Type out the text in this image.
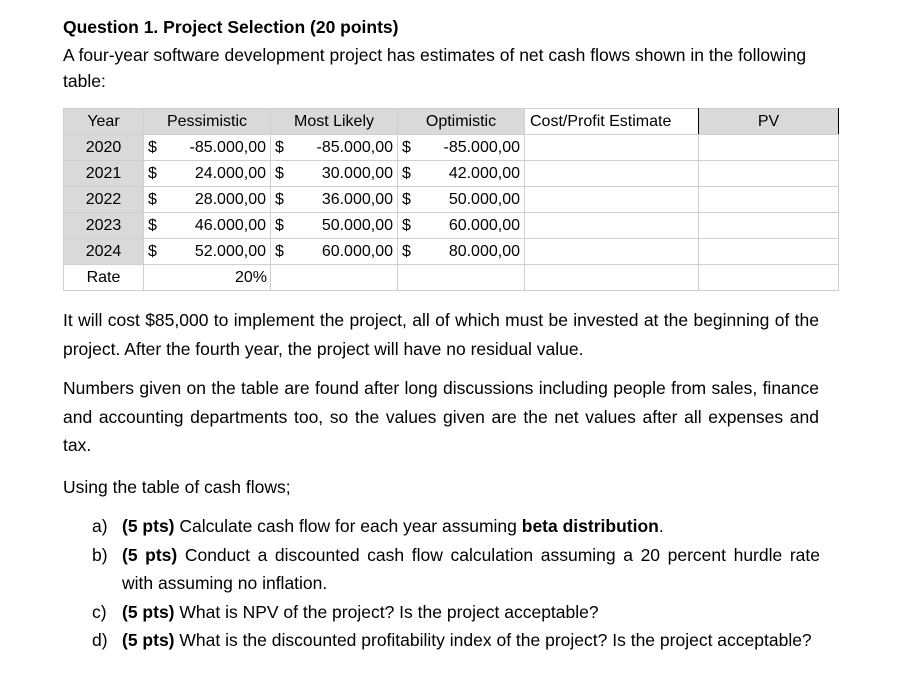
Question 1. Project Selection (20 points)
A four-year software development project has estimates of net cash flows shown in the following table:
Year	Pessimistic	Most Likely	Optimistic	Cost/Profit Estimate	PV
2020	$ -85.000,00	$ -85.000,00	$ -85.000,00		

2021	$ 24.000,00	$ 30.000,00	$ 42.000,00		

2022	$ 28.000,00	$ 36.000,00	$ 50.000,00		

2023	$ 46.000,00	$ 50.000,00	$ 60.000,00		

2024	$ 52.000,00	$ 60.000,00	$ 80.000,00		

Rate	20%				
It will cost $85,000 to implement the project, all of which must be invested at the beginning of the project. After the fourth year, the project will have no residual value.
Numbers given on the table are found after long discussions including people from sales, finance and accounting departments too, so the values given are the net values after all expenses and tax.
Using the table of cash flows;
a) (5 pts) Calculate cash flow for each year assuming beta distribution.
b) (5 pts) Conduct a discounted cash flow calculation assuming a 20 percent hurdle rate with assuming no inflation.
c) (5 pts) What is NPV of the project? Is the project acceptable?
d) (5 pts) What is the discounted profitability index of the project? Is the project acceptable?
